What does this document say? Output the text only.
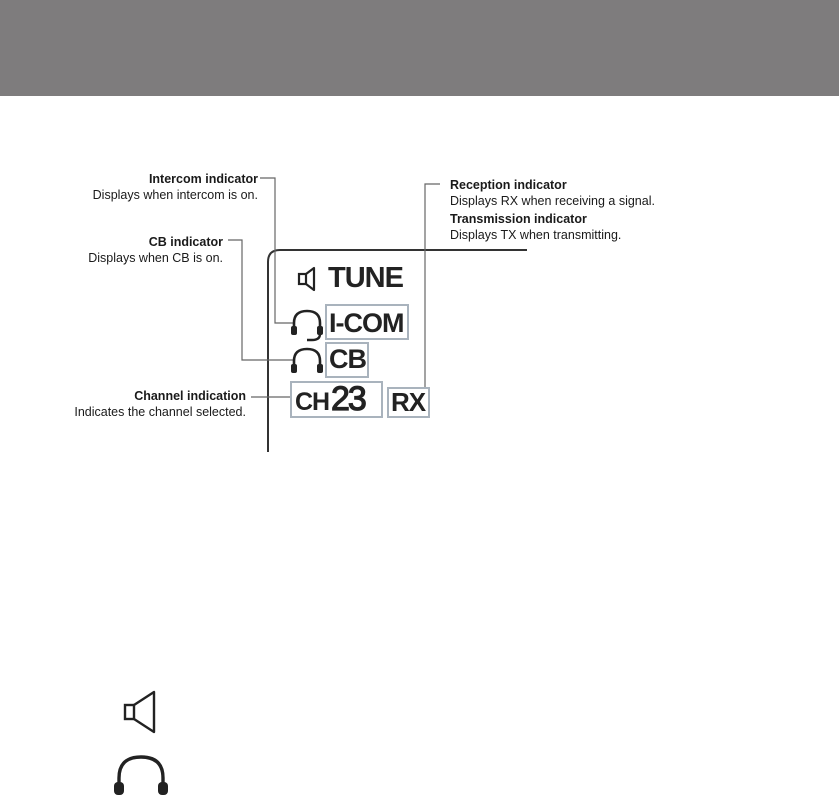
Intercom indicator
Displays when intercom is on.
CB indicator
Displays when CB is on.
Channel indication
Indicates the channel selected.
Reception indicator
Displays RX when receiving a signal.
Transmission indicator
Displays TX when transmitting.
TUNE
I-COM
CB
CH 23 RX
